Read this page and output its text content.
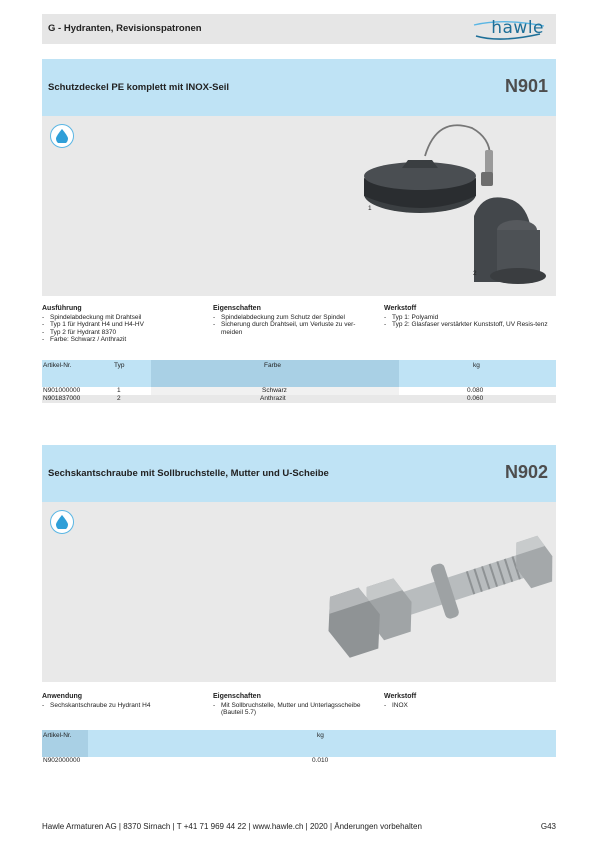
G - Hydranten, Revisionspatronen	hawle
Schutzdeckel PE komplett mit INOX-Seil	N901
1
2
Ausführung
- Spindelabdeckung mit Drahtseil
- Typ 1 für Hydrant H4 und H4-HV
- Typ 2 für Hydrant 8370
- Farbe: Schwarz / Anthrazit
Eigenschaften
- Spindelabdeckung zum Schutz der Spindel
- Sicherung durch Drahtseil, um Verluste zu ver-meiden
Werkstoff
- Typ 1: Polyamid
- Typ 2: Glasfaser verstärkter Kunststoff, UV Resis-tenz
Artikel-Nr.	Typ	Farbe	kg
N901000000	1	Schwarz	0.080
N901837000	2	Anthrazit	0.060
Sechskantschraube mit Sollbruchstelle, Mutter und U-Scheibe	N902
Anwendung
- Sechskantschraube zu Hydrant H4
Eigenschaften
- Mit Sollbruchstelle, Mutter und Unterlagsscheibe (Bauteil 5.7)
Werkstoff
- INOX
Artikel-Nr.	kg
N902000000	0.010
Hawle Armaturen AG | 8370 Sirnach | T +41 71 969 44 22 | www.hawle.ch | 2020 | Änderungen vorbehalten	G43
